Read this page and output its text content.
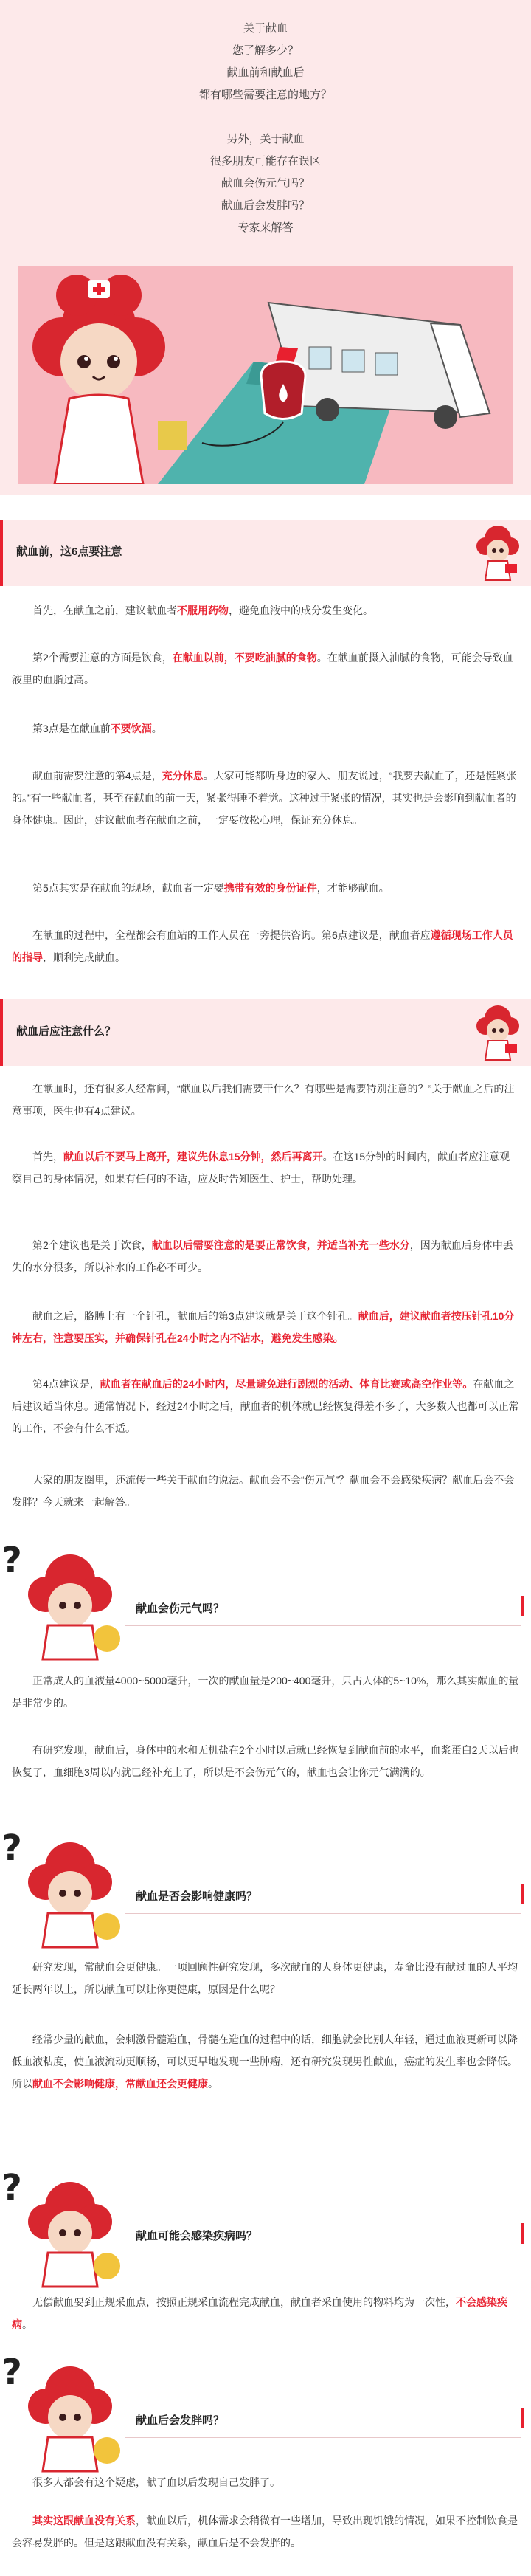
关于献血

您了解多少？

献血前和献血后

都有哪些需要注意的地方？

另外，关于献血

很多朋友可能存在误区

献血会伤元气吗？

献血后会发胖吗？

专家来解答

献血前，这6点要注意

首先，在献血之前，建议献血者不服用药物，避免血液中的成分发生变化。

第2个需要注意的方面是饮食，在献血以前，不要吃油腻的食物。在献血前摄入油腻的食物，可能会导致血液里的血脂过高。

第3点是在献血前不要饮酒。

献血前需要注意的第4点是，充分休息。大家可能都听身边的家人、朋友说过，“我要去献血了，还是挺紧张的。”有一些献血者，甚至在献血的前一天，紧张得睡不着觉。这种过于紧张的情况，其实也是会影响到献血者的身体健康。因此，建议献血者在献血之前，一定要放松心理，保证充分休息。

第5点其实是在献血的现场，献血者一定要携带有效的身份证件，才能够献血。

在献血的过程中，全程都会有血站的工作人员在一旁提供咨询。第6点建议是，献血者应遵循现场工作人员的指导，顺利完成献血。

献血后应注意什么？

在献血时，还有很多人经常问，“献血以后我们需要干什么？有哪些是需要特别注意的？”关于献血之后的注意事项，医生也有4点建议。

首先，献血以后不要马上离开，建议先休息15分钟，然后再离开。在这15分钟的时间内，献血者应注意观察自己的身体情况，如果有任何的不适，应及时告知医生、护士，帮助处理。

第2个建议也是关于饮食，献血以后需要注意的是要正常饮食，并适当补充一些水分，因为献血后身体中丢失的水分很多，所以补水的工作必不可少。

献血之后，胳膊上有一个针孔，献血后的第3点建议就是关于这个针孔。献血后，建议献血者按压针孔10分钟左右，注意要压实，并确保针孔在24小时之内不沾水，避免发生感染。

第4点建议是，献血者在献血后的24小时内，尽量避免进行剧烈的活动、体育比赛或高空作业等。在献血之后建议适当休息。通常情况下，经过24小时之后，献血者的机体就已经恢复得差不多了，大多数人也都可以正常的工作，不会有什么不适。

大家的朋友圈里，还流传一些关于献血的说法。献血会不会“伤元气”？献血会不会感染疾病？献血后会不会发胖？今天就来一起解答。

?

献血会伤元气吗？

正常成人的血液量4000~5000毫升，一次的献血量是200~400毫升，只占人体的5~10%，那么其实献血的量是非常少的。

有研究发现，献血后，身体中的水和无机盐在2个小时以后就已经恢复到献血前的水平，血浆蛋白2天以后也恢复了，血细胞3周以内就已经补充上了，所以是不会伤元气的，献血也会让你元气满满的。

?

献血是否会影响健康吗？

研究发现，常献血会更健康。一项回顾性研究发现，多次献血的人身体更健康，寿命比没有献过血的人平均延长两年以上，所以献血可以让你更健康，原因是什么呢？

经常少量的献血，会刺激骨髓造血，骨髓在造血的过程中的话，细胞就会比别人年轻，通过血液更新可以降低血液粘度，使血液流动更顺畅，可以更早地发现一些肿瘤，还有研究发现男性献血，癌症的发生率也会降低。所以献血不会影响健康，常献血还会更健康。

?

献血可能会感染疾病吗？

无偿献血要到正规采血点，按照正规采血流程完成献血，献血者采血使用的物料均为一次性，不会感染疾病。

?

献血后会发胖吗？

很多人都会有这个疑虑，献了血以后发现自己发胖了。

其实这跟献血没有关系，献血以后，机体需求会稍微有一些增加，导致出现饥饿的情况，如果不控制饮食是会容易发胖的。但是这跟献血没有关系，献血后是不会发胖的。
